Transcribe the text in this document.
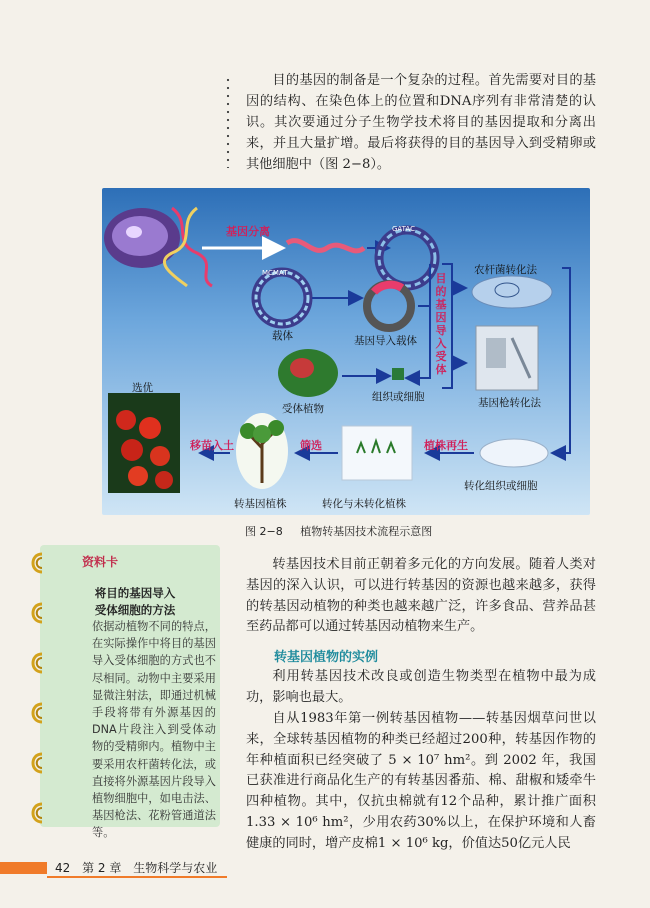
目的基因的制备是一个复杂的过程。首先需要对目的基因的结构、在染色体上的位置和DNA序列有非常清楚的认识。其次要通过分子生物学技术将目的基因提取和分离出来，并且大量扩增。最后将获得的目的基因导入到受精卵或其他细胞中（图 2−8）。

基因分离
载体	基因导入载体
农杆菌转化法
目的基因导入受体
受体植物
组织或细胞	基因枪转化法
选优
移苗入土	筛选	植株再生
转基因植株	转化与未转化植株
转化组织或细胞
MCMAT
GATAC
图 2−8 植物转基因技术流程示意图
资料卡
将目的基因导入
受体细胞的方法

依据动植物不同的特点，在实际操作中将目的基因导入受体细胞的方式也不尽相同。动物中主要采用显微注射法，即通过机械手段将带有外源基因的DNA片段注入到受体动物的受精卵内。植物中主要采用农杆菌转化法，或直接将外源基因片段导入植物细胞中，如电击法、基因枪法、花粉管通道法等。

转基因技术目前正朝着多元化的方向发展。随着人类对基因的深入认识，可以进行转基因的资源也越来越多，获得的转基因动植物的种类也越来越广泛，许多食品、营养品甚至药品都可以通过转基因动植物来生产。

转基因植物的实例

利用转基因技术改良或创造生物类型在植物中最为成功，影响也最大。

自从1983年第一例转基因植物——转基因烟草问世以来，全球转基因植物的种类已经超过200种，转基因作物的年种植面积已经突破了 5 × 10⁷ hm²。到 2002 年，我国已获准进行商品化生产的有转基因番茄、棉、甜椒和矮牵牛四种植物。其中，仅抗虫棉就有12个品种，累计推广面积1.33 × 10⁶ hm²，少用农药30%以上，在保护环境和人畜健康的同时，增产皮棉1 × 10⁶ kg，价值达50亿元人民

42 第 2 章 生物科学与农业
